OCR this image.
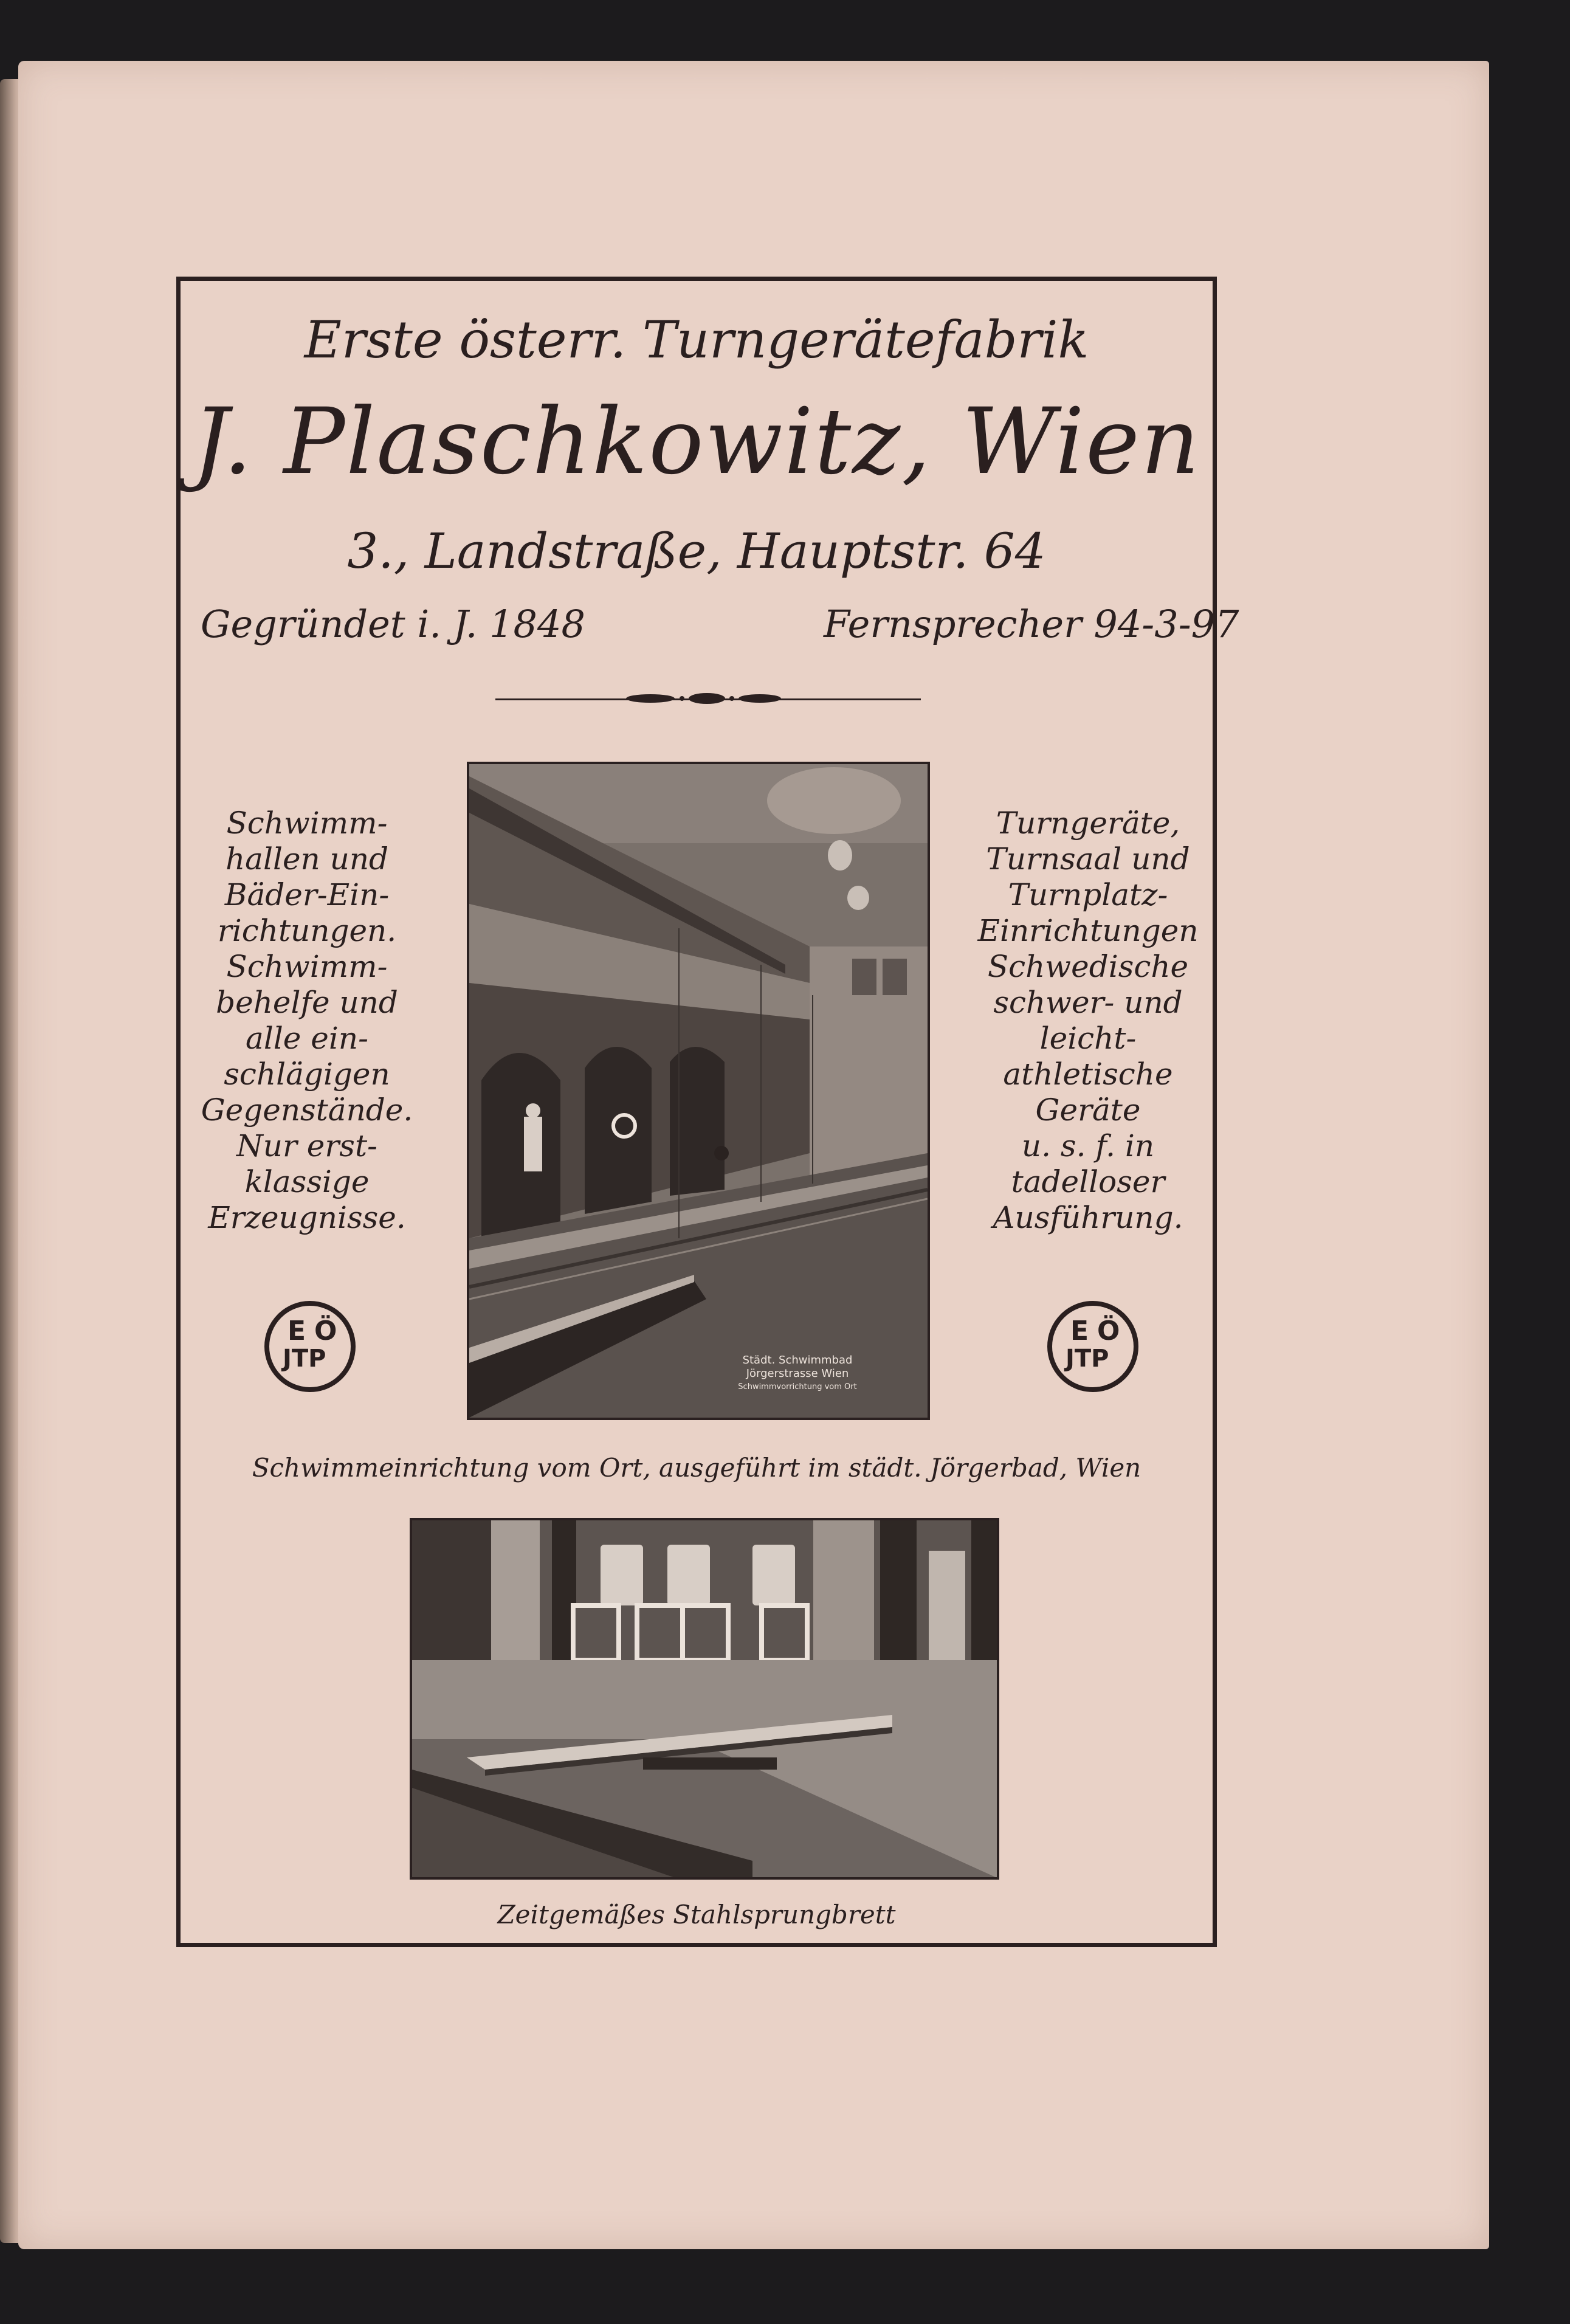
Erste österr. Turngerätefabrik
J. Plaschkowitz, Wien
3., Landstraße, Hauptstr. 64
Gegründet i. J. 1848	Fernsprecher 94-3-97
Schwimm-
hallen und
Bäder-Ein-
richtungen.
Schwimm-
behelfe und
alle ein-
schlägigen
Gegenstände.
Nur erst-
klassige
Erzeugnisse.
Turngeräte,
Turnsaal und
Turnplatz-
Einrichtungen
Schwedische
schwer- und
leicht-
athletische
Geräte
u. s. f. in
tadelloser
Ausführung.
E Ö
JTP
E Ö
JTP
Städt. Schwimmbad
Jörgerstrasse Wien
Schwimmvorrichtung vom Ort
Schwimmeinrichtung vom Ort, ausgeführt im städt. Jörgerbad, Wien
Zeitgemäßes Stahlsprungbrett
